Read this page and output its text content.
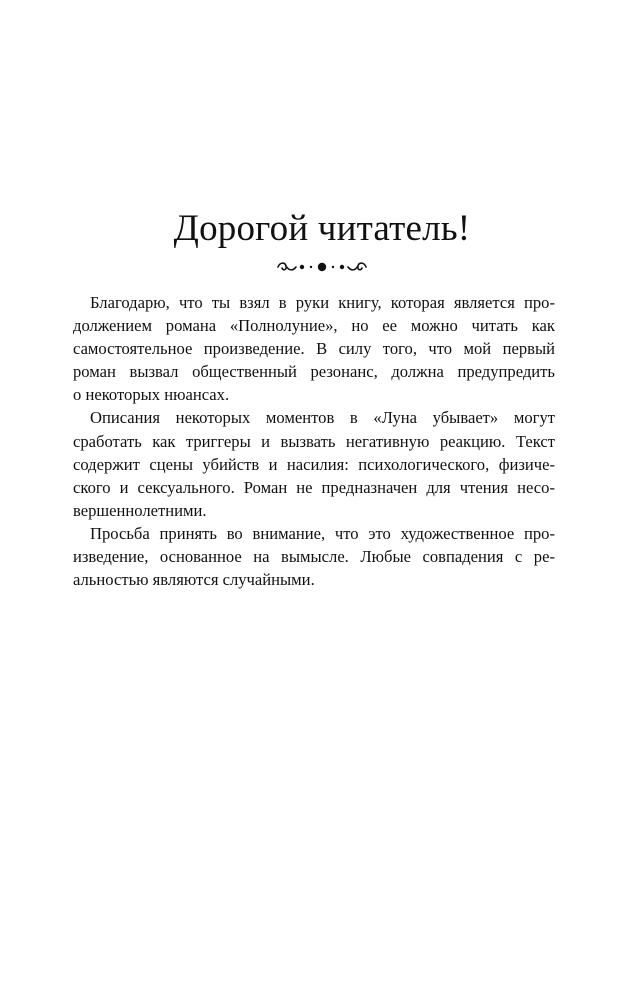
Дорогой читатель!
Благодарю, что ты взял в руки книгу, которая является про-
должением романа «Полнолуние», но ее можно читать как
самостоятельное произведение. В силу того, что мой первый
роман вызвал общественный резонанс, должна предупредить
о некоторых нюансах.
Описания некоторых моментов в «Луна убывает» могут
сработать как триггеры и вызвать негативную реакцию. Текст
содержит сцены убийств и насилия: психологического, физиче-
ского и сексуального. Роман не предназначен для чтения несо-
вершеннолетними.
Просьба принять во внимание, что это художественное про-
изведение, основанное на вымысле. Любые совпадения с ре-
альностью являются случайными.
